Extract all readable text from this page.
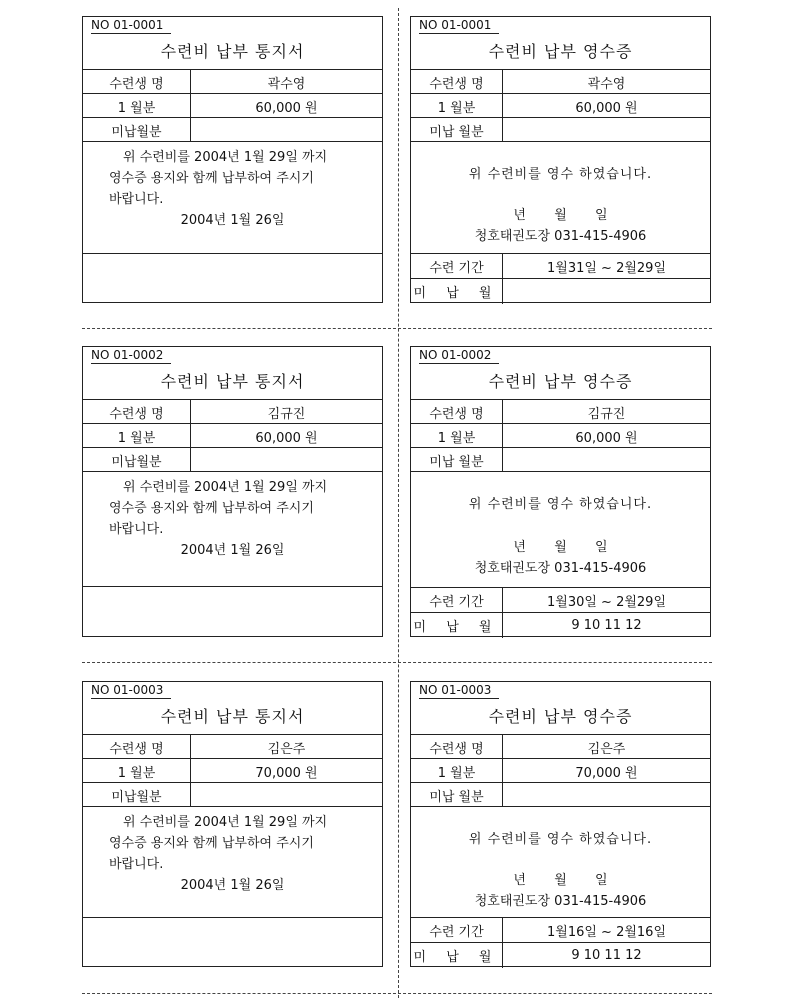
NO 01-0001
수련비 납부 통지서
수련생 명	곽수영
1 월분	60,000 원
미납월분

위 수련비를 2004년 1월 29일 까지

영수증 용지와 함께 납부하여 주시기

바랍니다.

2004년 1월 26일

NO 01-0001
수련비 납부 영수증
수련생 명	곽수영
1 월분	60,000 원
미납 월분

위 수련비를 영수 하였습니다.

년  월  일

청호태권도장 031-415-4906

수련 기간	1월31일 ~ 2월29일
미 납 월
NO 01-0002
수련비 납부 통지서
수련생 명	김규진
1 월분	60,000 원
미납월분

위 수련비를 2004년 1월 29일 까지

영수증 용지와 함께 납부하여 주시기

바랍니다.

2004년 1월 26일

NO 01-0002
수련비 납부 영수증
수련생 명	김규진
1 월분	60,000 원
미납 월분

위 수련비를 영수 하였습니다.

년  월  일

청호태권도장 031-415-4906

수련 기간	1월30일 ~ 2월29일
미 납 월	9 10 11 12
NO 01-0003
수련비 납부 통지서
수련생 명	김은주
1 월분	70,000 원
미납월분

위 수련비를 2004년 1월 29일 까지

영수증 용지와 함께 납부하여 주시기

바랍니다.

2004년 1월 26일

NO 01-0003
수련비 납부 영수증
수련생 명	김은주
1 월분	70,000 원
미납 월분

위 수련비를 영수 하였습니다.

년  월  일

청호태권도장 031-415-4906

수련 기간	1월16일 ~ 2월16일
미 납 월	9 10 11 12
